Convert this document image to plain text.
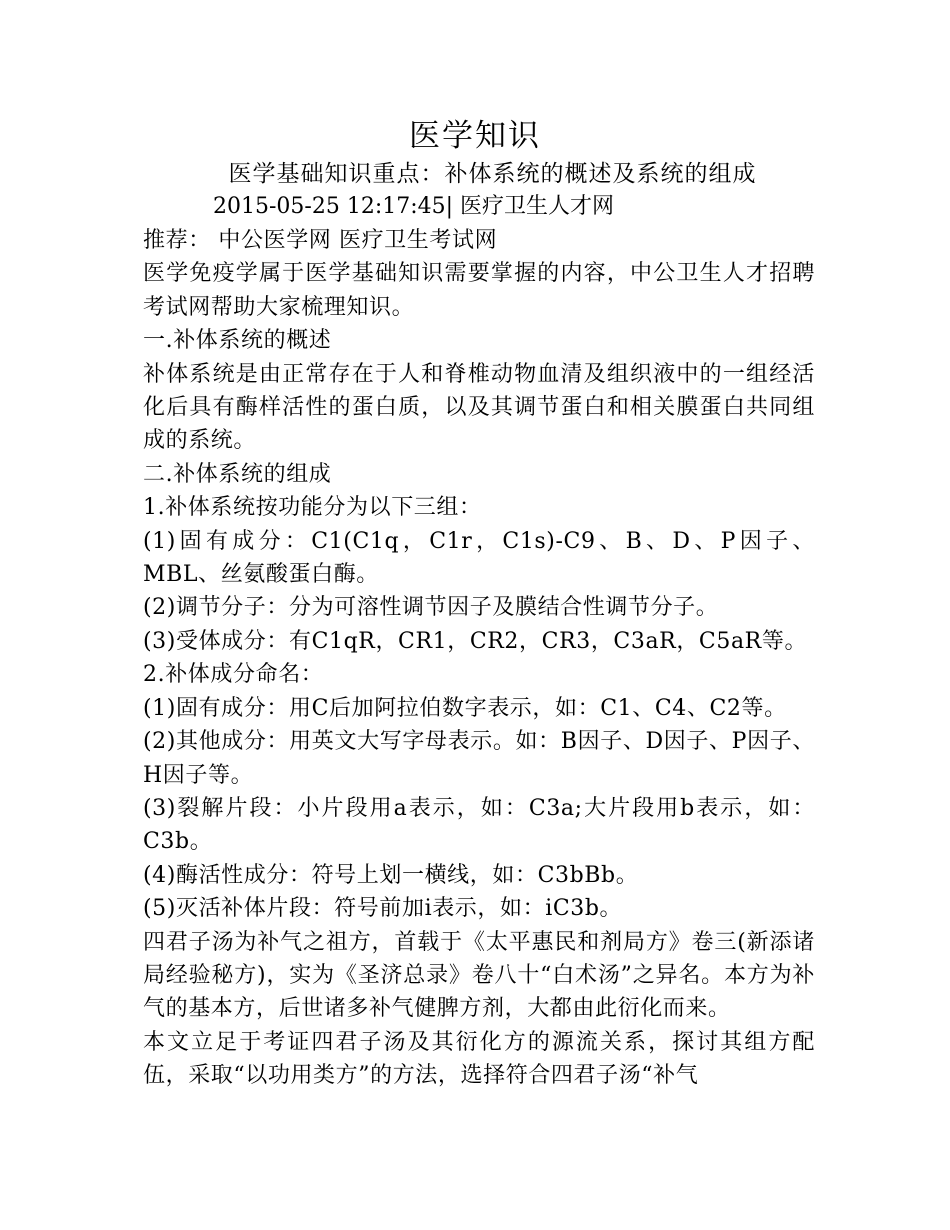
医学知识
医学基础知识重点：补体系统的概述及系统的组成
2015-05-25 12:17:45| 医疗卫生人才网

推荐： 中公医学网 医疗卫生考试网

医学免疫学属于医学基础知识需要掌握的内容，中公卫生人才招聘考试网帮助大家梳理知识。

一.补体系统的概述

补体系统是由正常存在于人和脊椎动物血清及组织液中的一组经活化后具有酶样活性的蛋白质，以及其调节蛋白和相关膜蛋白共同组成的系统。

二.补体系统的组成

1.补体系统按功能分为以下三组：

(1)固有成分：C1(C1q，C1r，C1s)-C9、B、D、P因子、MBL、丝氨酸蛋白酶。

(2)调节分子：分为可溶性调节因子及膜结合性调节分子。

(3)受体成分：有C1qR，CR1，CR2，CR3，C3aR，C5aR等。

2.补体成分命名：

(1)固有成分：用C后加阿拉伯数字表示，如：C1、C4、C2等。

(2)其他成分：用英文大写字母表示。如：B因子、D因子、P因子、H因子等。

(3)裂解片段：小片段用a表示，如：C3a;大片段用b表示，如：C3b。

(4)酶活性成分：符号上划一横线，如：C3bBb。

(5)灭活补体片段：符号前加i表示，如：iC3b。

四君子汤为补气之祖方，首载于《太平惠民和剂局方》卷三(新添诸局经验秘方)，实为《圣济总录》卷八十“白术汤”之异名。本方为补气的基本方，后世诸多补气健脾方剂，大都由此衍化而来。

本文立足于考证四君子汤及其衍化方的源流关系，探讨其组方配伍，采取“以功用类方”的方法，选择符合四君子汤“补气
